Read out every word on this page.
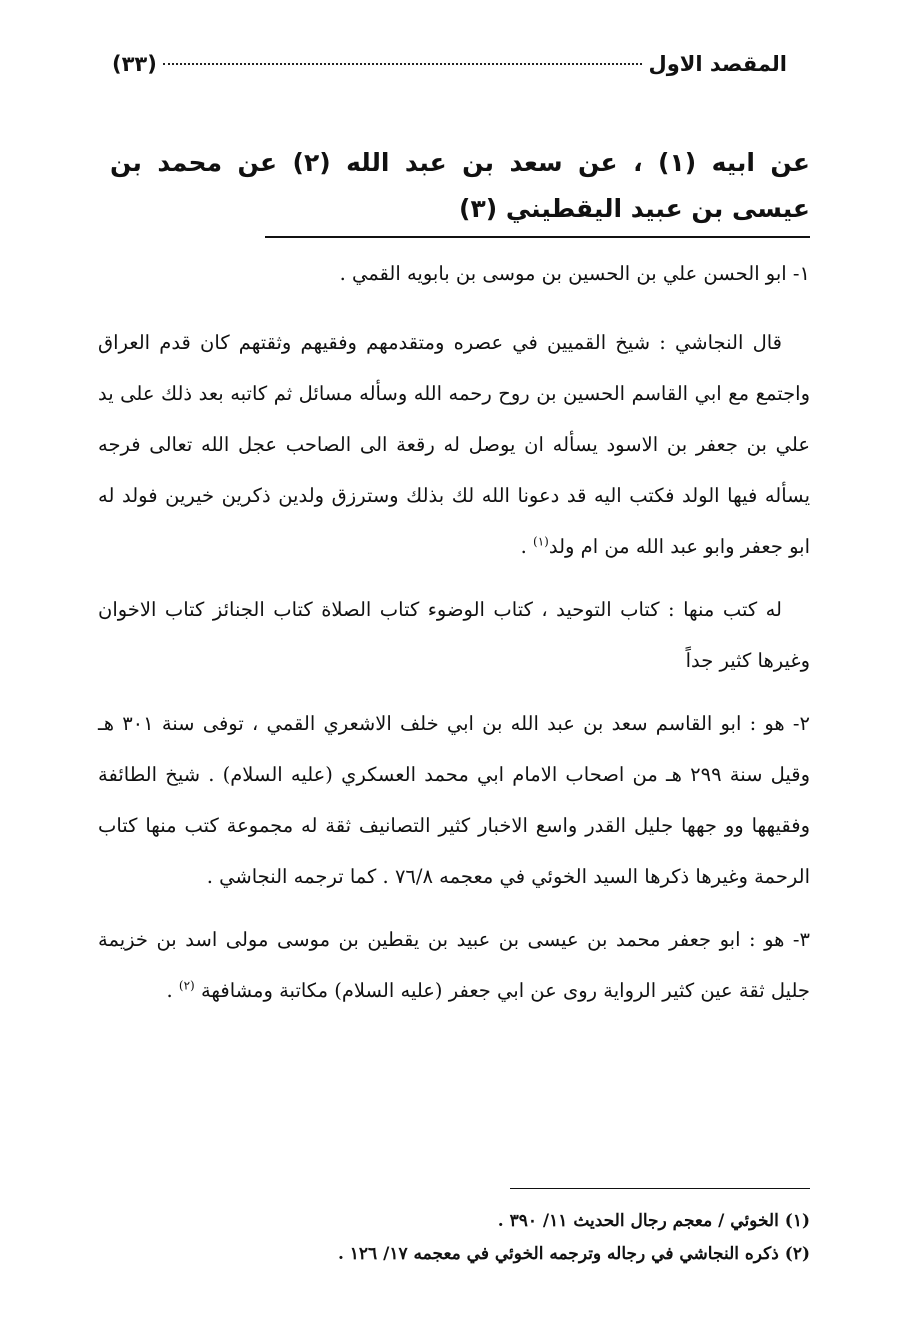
المقصد الاول
(٣٣)
عن ابيه (١) ، عن سعد بن عبد الله (٢) عن محمد بن عيسى بن عبيد اليقطيني (٣)

١- ابو الحسن علي بن الحسين بن موسى بن بابويه القمي .

قال النجاشي : شيخ القميين في عصره ومتقدمهم وفقيهم وثقتهم كان قدم العراق واجتمع مع ابي القاسم الحسين بن روح رحمه الله وسأله مسائل ثم كاتبه بعد ذلك على يد علي بن جعفر بن الاسود يسأله ان يوصل له رقعة الى الصاحب عجل الله تعالى فرجه يسأله فيها الولد فكتب اليه قد دعونا الله لك بذلك وسترزق ولدين ذكرين خيرين فولد له ابو جعفر وابو عبد الله من ام ولد$^{(١)}$ .

له كتب منها : كتاب التوحيد ، كتاب الوضوء كتاب الصلاة كتاب الجنائز كتاب الاخوان وغيرها كثير جداً

٢- هو : ابو القاسم سعد بن عبد الله بن ابي خلف الاشعري القمي ، توفى سنة ٣٠١ هـ وقيل سنة ٢٩٩ هـ من اصحاب الامام ابي محمد العسكري (عليه السلام) . شيخ الطائفة وفقيهها وو جهها جليل القدر واسع الاخبار كثير التصانيف ثقة له مجموعة كتب منها كتاب الرحمة وغيرها ذكرها السيد الخوئي في معجمه ٧٦/٨ . كما ترجمه النجاشي .

٣- هو : ابو جعفر محمد بن عيسى بن عبيد بن يقطين بن موسى مولى اسد بن خزيمة جليل ثقة عين كثير الرواية روى عن ابي جعفر (عليه السلام) مكاتبة ومشافهة $^{(٢)}$ .

(١) الخوئي / معجم رجال الحديث ١١/ ٣٩٠ .
(٢) ذكره النجاشي في رجاله وترجمه الخوئي في معجمه ١٧/ ١٢٦ .
